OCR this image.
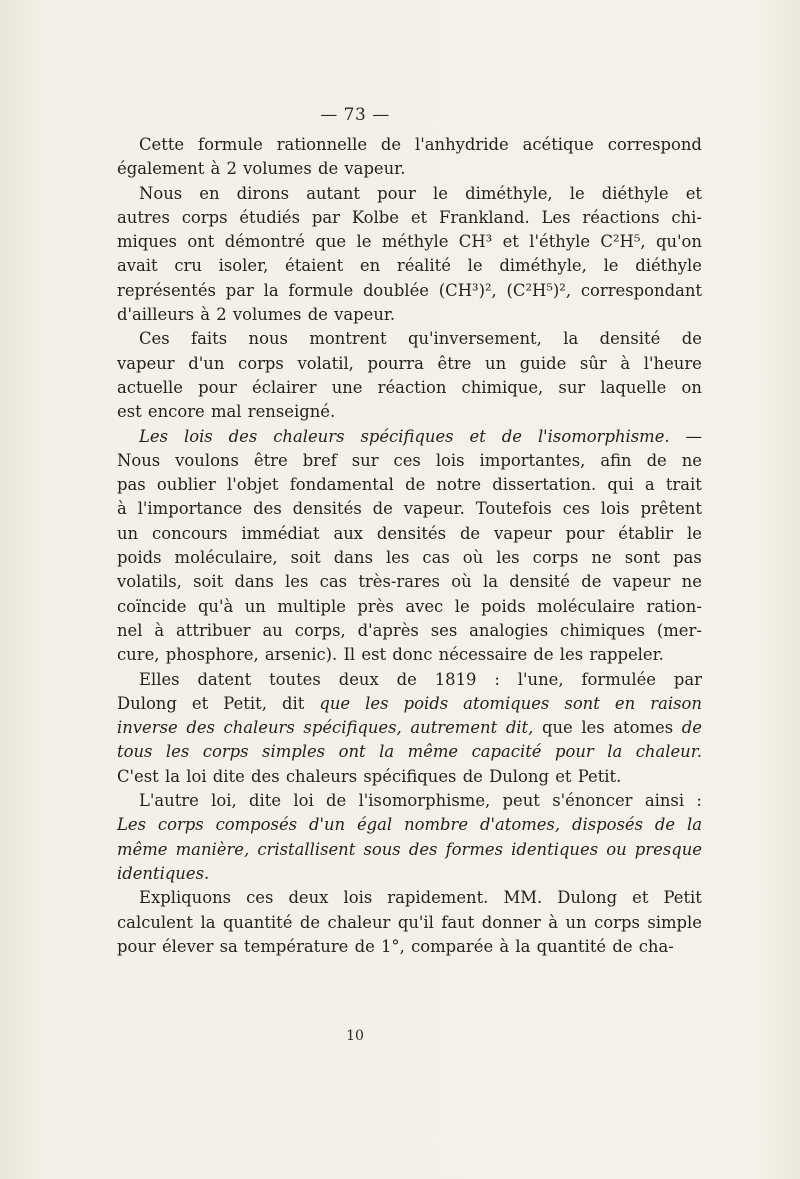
— 73 —
Cette formule rationnelle de l'anhydride acétique correspond
également à 2 volumes de vapeur.
Nous en dirons autant pour le diméthyle, le diéthyle et
autres corps étudiés par Kolbe et Frankland. Les réactions chi-
miques ont démontré que le méthyle CH³ et l'éthyle C²H⁵, qu'on
avait cru isoler, étaient en réalité le diméthyle, le diéthyle
représentés par la formule doublée (CH³)², (C²H⁵)², correspondant
d'ailleurs à 2 volumes de vapeur.
Ces faits nous montrent qu'inversement, la densité de
vapeur d'un corps volatil, pourra être un guide sûr à l'heure
actuelle pour éclairer une réaction chimique, sur laquelle on
est encore mal renseigné.
Les lois des chaleurs spécifiques et de l'isomorphisme. —
Nous voulons être bref sur ces lois importantes, afin de ne
pas oublier l'objet fondamental de notre dissertation. qui a trait
à l'importance des densités de vapeur. Toutefois ces lois prêtent
un concours immédiat aux densités de vapeur pour établir le
poids moléculaire, soit dans les cas où les corps ne sont pas
volatils, soit dans les cas très-rares où la densité de vapeur ne
coïncide qu'à un multiple près avec le poids moléculaire ration-
nel à attribuer au corps, d'après ses analogies chimiques (mer-
cure, phosphore, arsenic). Il est donc nécessaire de les rappeler.
Elles datent toutes deux de 1819 : l'une, formulée par
Dulong et Petit, dit que les poids atomiques sont en raison
inverse des chaleurs spécifiques, autrement dit, que les atomes de
tous les corps simples ont la même capacité pour la chaleur.
C'est la loi dite des chaleurs spécifiques de Dulong et Petit.
L'autre loi, dite loi de l'isomorphisme, peut s'énoncer ainsi :
Les corps composés d'un égal nombre d'atomes, disposés de la
même manière, cristallisent sous des formes identiques ou presque
identiques.
Expliquons ces deux lois rapidement. MM. Dulong et Petit
calculent la quantité de chaleur qu'il faut donner à un corps simple
pour élever sa température de 1°, comparée à la quantité de cha-
10
